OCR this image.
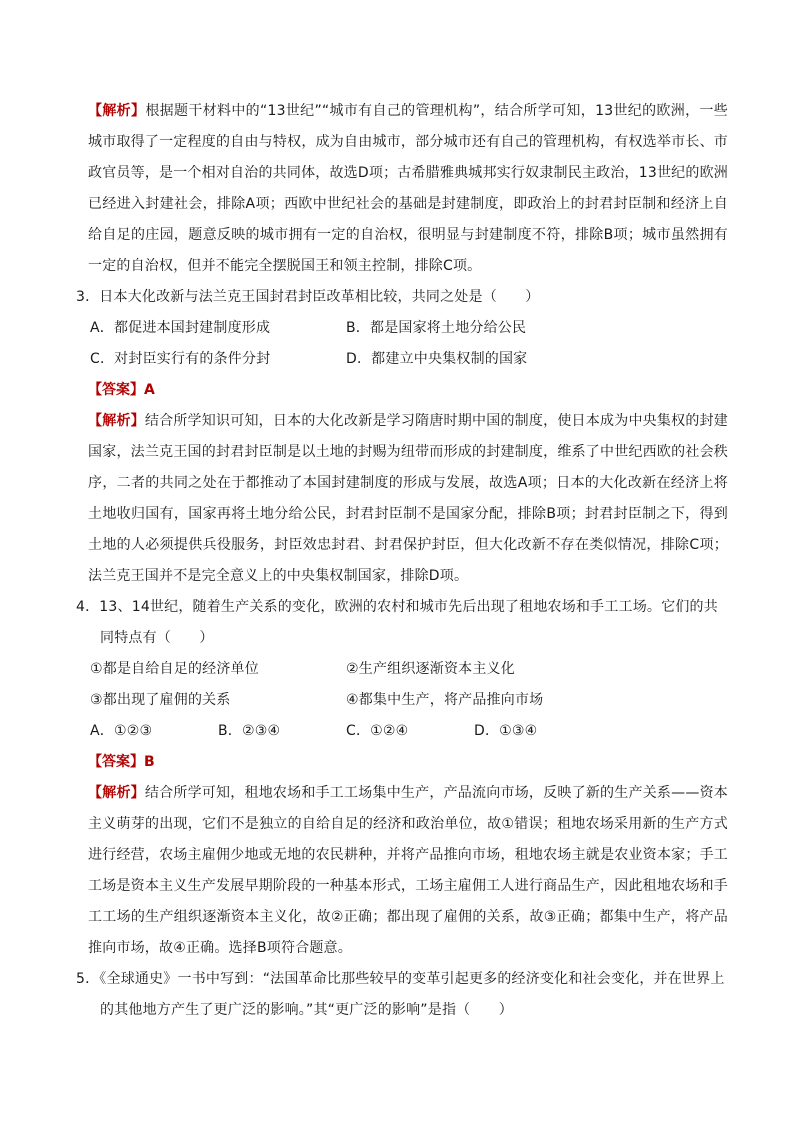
【解析】根据题干材料中的“13世纪”“城市有自己的管理机构”，结合所学可知，13世纪的欧洲，一些城市取得了一定程度的自由与特权，成为自由城市，部分城市还有自己的管理机构，有权选举市长、市政官员等，是一个相对自治的共同体，故选D项；古希腊雅典城邦实行奴隶制民主政治，13世纪的欧洲已经进入封建社会，排除A项；西欧中世纪社会的基础是封建制度，即政治上的封君封臣制和经济上自给自足的庄园，题意反映的城市拥有一定的自治权，很明显与封建制度不符，排除B项；城市虽然拥有一定的自治权，但并不能完全摆脱国王和领主控制，排除C项。

3．日本大化改新与法兰克王国封君封臣改革相比较，共同之处是（　　）

A．都促进本国封建制度形成	B．都是国家将土地分给公民
C．对封臣实行有的条件分封	D．都建立中央集权制的国家

【答案】A

【解析】结合所学知识可知，日本的大化改新是学习隋唐时期中国的制度，使日本成为中央集权的封建国家，法兰克王国的封君封臣制是以土地的封赐为纽带而形成的封建制度，维系了中世纪西欧的社会秩序，二者的共同之处在于都推动了本国封建制度的形成与发展，故选A项；日本的大化改新在经济上将土地收归国有，国家再将土地分给公民，封君封臣制不是国家分配，排除B项；封君封臣制之下，得到土地的人必须提供兵役服务，封臣效忠封君、封君保护封臣，但大化改新不存在类似情况，排除C项；法兰克王国并不是完全意义上的中央集权制国家，排除D项。

4．13、14世纪，随着生产关系的变化，欧洲的农村和城市先后出现了租地农场和手工工场。它们的共同特点有（　　）

①都是自给自足的经济单位	②生产组织逐渐资本主义化
③都出现了雇佣的关系	④都集中生产，将产品推向市场
A．①②③	B．②③④	C．①②④	D．①③④

【答案】B

【解析】结合所学可知，租地农场和手工工场集中生产，产品流向市场，反映了新的生产关系——资本主义萌芽的出现，它们不是独立的自给自足的经济和政治单位，故①错误；租地农场采用新的生产方式进行经营，农场主雇佣少地或无地的农民耕种，并将产品推向市场，租地农场主就是农业资本家；手工工场是资本主义生产发展早期阶段的一种基本形式，工场主雇佣工人进行商品生产，因此租地农场和手工工场的生产组织逐渐资本主义化，故②正确；都出现了雇佣的关系，故③正确；都集中生产，将产品推向市场，故④正确。选择B项符合题意。

5．《全球通史》一书中写到：“法国革命比那些较早的变革引起更多的经济变化和社会变化，并在世界上的其他地方产生了更广泛的影响。”其“更广泛的影响”是指（　　）
